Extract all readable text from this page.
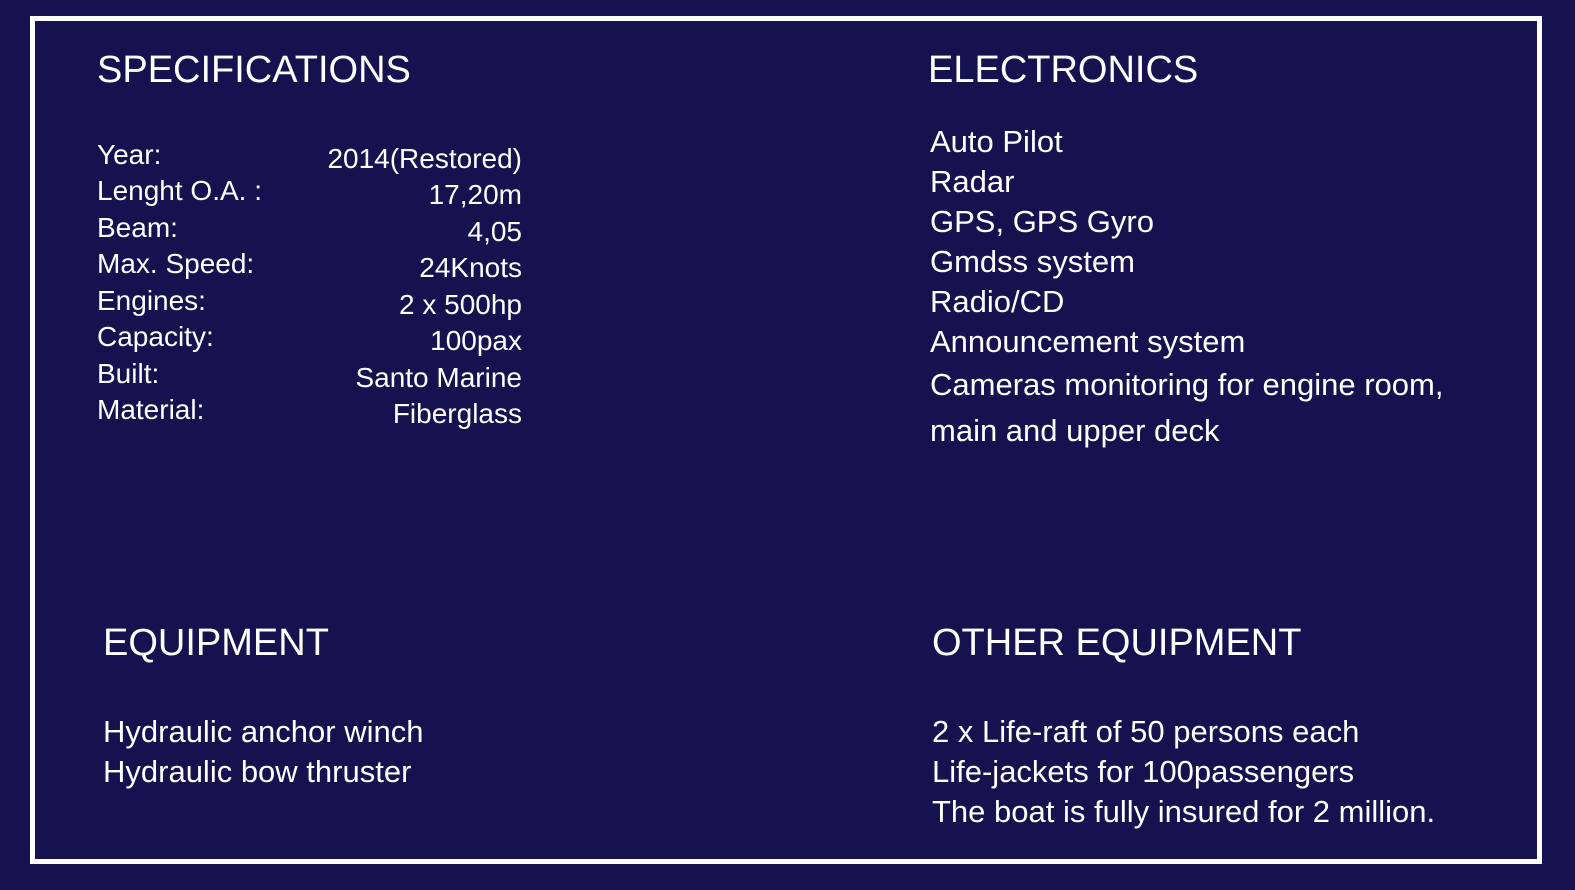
SPECIFICATIONS
Year:	2014(Restored)
Lenght O.A. :	17,20m
Beam:	4,05
Max. Speed:	24Knots
Engines:	2 x 500hp
Capacity:	100pax
Built:	Santo Marine
Material:	Fiberglass
ELECTRONICS
Auto Pilot
Radar
GPS, GPS Gyro
Gmdss system
Radio/CD
Announcement system
Cameras monitoring for engine room, main and upper deck
EQUIPMENT
Hydraulic anchor winch
Hydraulic bow thruster
OTHER EQUIPMENT
2 x Life-raft of 50 persons each
Life-jackets for 100passengers
The boat is fully insured for 2 million.
